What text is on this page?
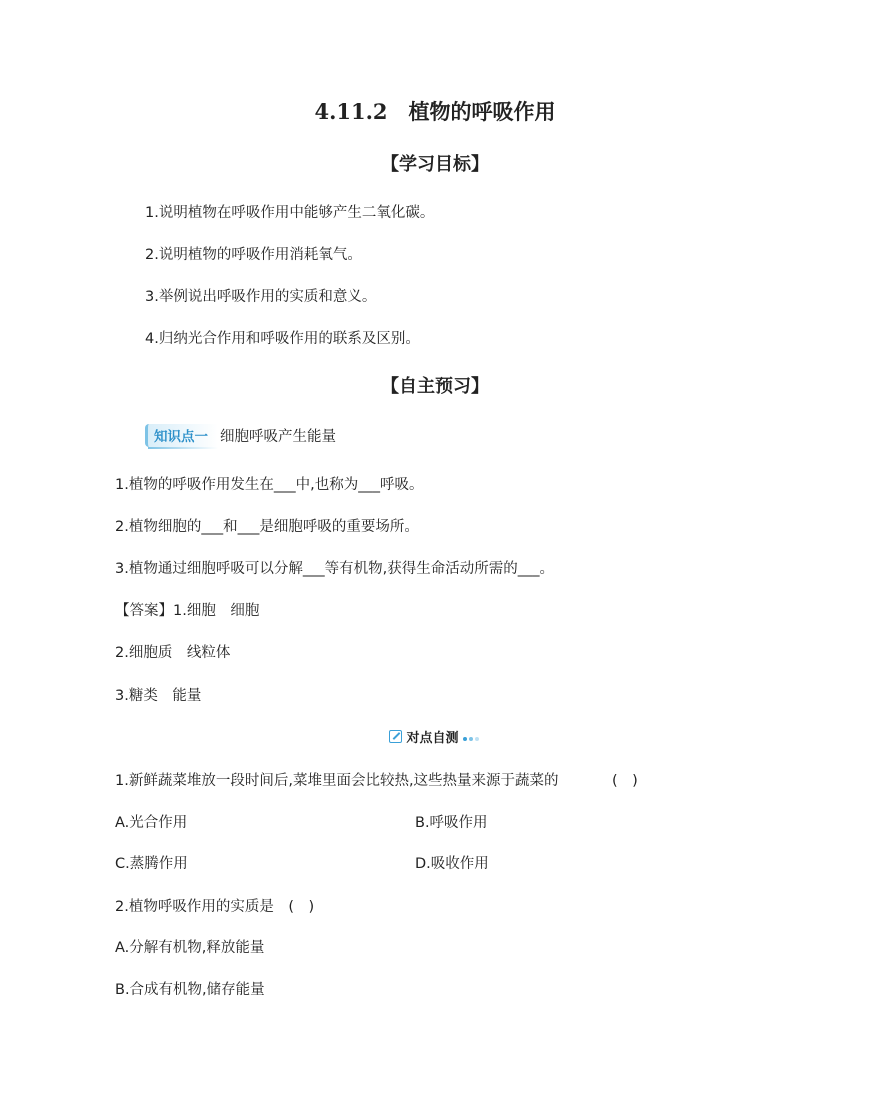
4.11.2　植物的呼吸作用
【学习目标】
1.说明植物在呼吸作用中能够产生二氧化碳。
2.说明植物的呼吸作用消耗氧气。
3.举例说出呼吸作用的实质和意义。
4.归纳光合作用和呼吸作用的联系及区别。
【自主预习】
知识点一 细胞呼吸产生能量
1.植物的呼吸作用发生在___中,也称为___呼吸。
2.植物细胞的___和___是细胞呼吸的重要场所。
3.植物通过细胞呼吸可以分解___等有机物,获得生命活动所需的___。
【答案】1.细胞　细胞
2.细胞质　线粒体
3.糖类　能量
对点自测
1.新鲜蔬菜堆放一段时间后,菜堆里面会比较热,这些热量来源于蔬菜的	(　)
A.光合作用	B.呼吸作用
C.蒸腾作用	D.吸收作用
2.植物呼吸作用的实质是　(　)
A.分解有机物,释放能量
B.合成有机物,储存能量
